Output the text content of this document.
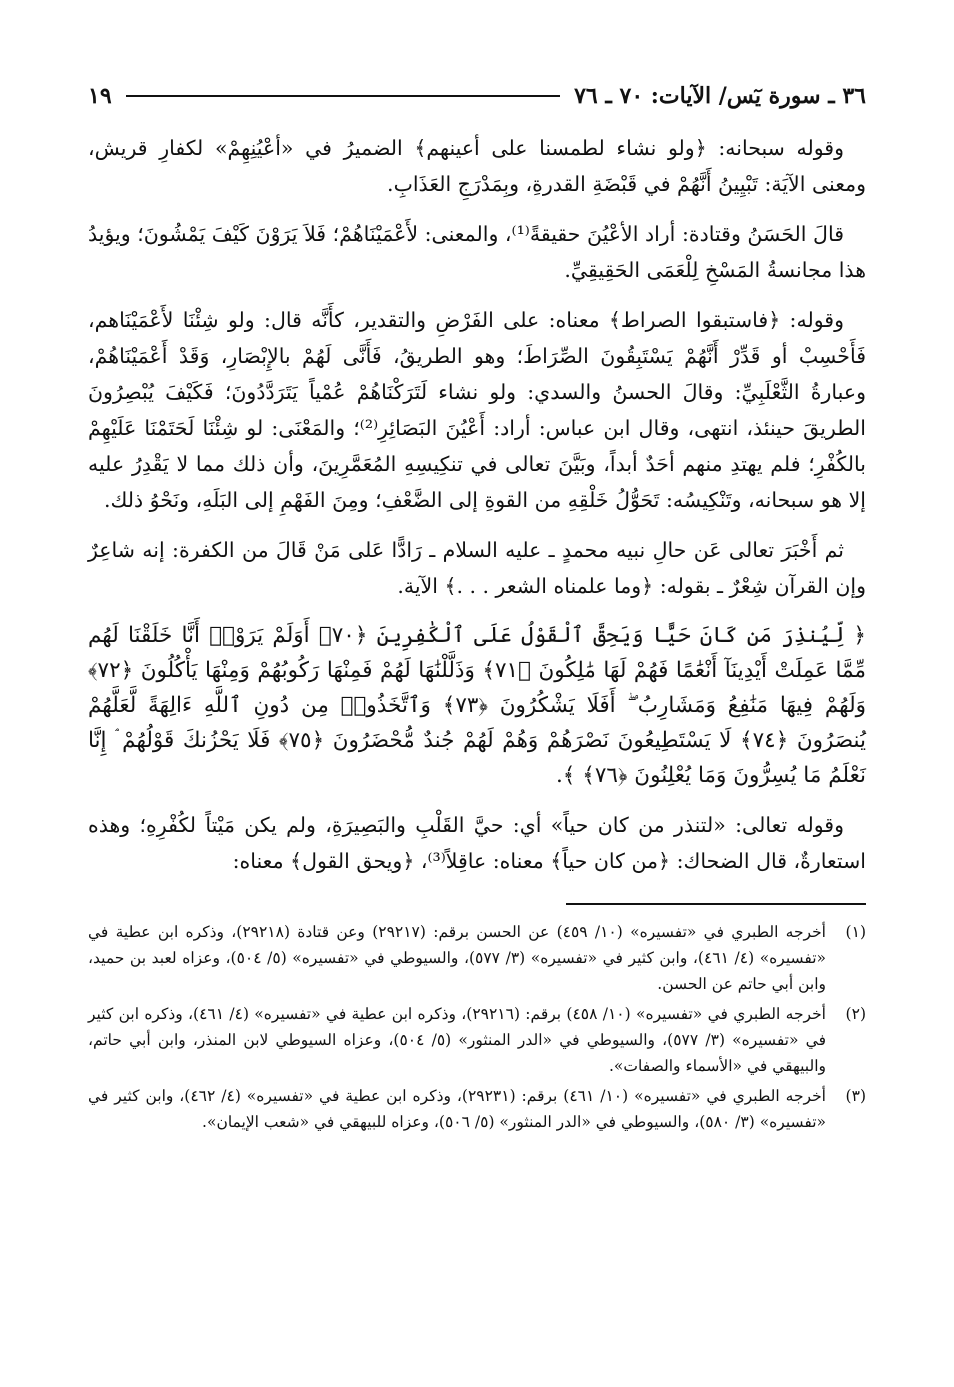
٣٦ ـ سورة يٓس/ الآيات: ٧٠ ـ ٧٦
١٩

وقوله سبحانه: ﴿ولو نشاء لطمسنا على أعينهم﴾ الضميرُ في «أعْيُنِهِمْ» لكفارِ قريش، ومعنى الآيَة: تَبْيِينُ أَنَّهُمْ في قَبْضَةِ القدرةِ، وبِمَدْرَجِ العَذَابِ.

قالَ الحَسَنُ وقتادة: أراد الأعْيُنَ حقيقةً⁽¹⁾، والمعنى: لأَعْمَيْنَاهُمْ؛ فَلاَ يَرَوْنَ كَيْفَ يَمْشُونَ؛ ويؤيدُ هذا مجانسةُ المَسْخِ لِلْعَمَى الحَقِيقِيِّ.

وقوله: ﴿فاستبقوا الصراط﴾ معناه: على الفَرْضِ والتقدير، كأَنَّه قال: ولو شِئْنَا لأَعْمَيْنَاهم، فَأَحْسِبْ أو قَدِّرْ أَنَّهُمْ يَسْتَبِقُونَ الصِّرَاطَ؛ وهو الطريقُ، فَأَنَّى لَهُمْ بالإِبْصَارِ، وَقَدْ أَعْمَيْنَاهُمْ، وعبارةُ الثَّعْلَبِيِّ: وقالَ الحسنُ والسدي: ولو نشاء لَتَرَكْنَاهُمْ عُمْياً يَتَرَدَّدُونَ؛ فَكَيْفَ يُبْصِرُونَ الطريقَ حينئذ، انتهى، وقال ابن عباس: أراد: أَعْيُنَ البَصَائِرِ⁽²⁾؛ والمَعْنَى: لو شِئْنَا لَحَتَمْنَا عَلَيْهِمْ بالكُفْرِ؛ فلم يهتدِ منهم أحَدٌ أبداً، وبَيَّنَ تعالى في تنكِيسِهِ المُعَمَّرِينَ، وأن ذلك مما لا يَقْدِرُ عليه إلا هو سبحانه، وتَنْكِيسُه: تَحَوُّلُ خَلْقِهِ من القوةِ إلى الضَّعْفِ؛ ومِنَ الفَهْمِ إلى البَلَهِ، ونَحْوُ ذلك.

ثم أَخْبَرَ تعالى عَن حالِ نبيه محمدٍ ـ عليه السلام ـ رَادًّا عَلى مَنْ قَالَ من الكفرة: إنه شاعِرٌ وإن القرآن شِعْرٌ ـ بقوله: ﴿وما علمناه الشعر . . .﴾ الآية.

﴿ لِّيُنذِرَ مَن كَانَ حَيًّا وَيَحِقَّ ٱلْقَوْلُ عَلَى ٱلْكَٰفِرِينَ ﴿٧٠﴾ أَوَلَمْ يَرَوْا۟ أَنَّا خَلَقْنَا لَهُم مِّمَّا عَمِلَتْ أَيْدِينَآ أَنْعَٰمًا فَهُمْ لَهَا مَٰلِكُونَ ﴿٧١﴾ وَذَلَّلْنَٰهَا لَهُمْ فَمِنْهَا رَكُوبُهُمْ وَمِنْهَا يَأْكُلُونَ ﴿٧٢﴾ وَلَهُمْ فِيهَا مَنَٰفِعُ وَمَشَارِبُ ۖ أَفَلَا يَشْكُرُونَ ﴿٧٣﴾ وَٱتَّخَذُوا۟ مِن دُونِ ٱللَّهِ ءَالِهَةً لَّعَلَّهُمْ يُنصَرُونَ ﴿٧٤﴾ لَا يَسْتَطِيعُونَ نَصْرَهُمْ وَهُمْ لَهُمْ جُندٌ مُّحْضَرُونَ ﴿٧٥﴾ فَلَا يَحْزُنكَ قَوْلُهُمْ ۘ إِنَّا نَعْلَمُ مَا يُسِرُّونَ وَمَا يُعْلِنُونَ ﴿٧٦﴾ ﴾.

وقوله تعالى: «لتنذر من كان حياً» أي: حيَّ القَلْبِ والبَصِيرَةِ، ولم يكن مَيْتاً لكُفْرِهِ؛ وهذه استعارةٌ، قال الضحاك: ﴿من كان حياً﴾ معناه: عاقِلاً⁽³⁾، ﴿ويحق القول﴾ معناه:

(١)
أخرجه الطبري في «تفسيره» (١٠/ ٤٥٩) عن الحسن برقم: (٢٩٢١٧) وعن قتادة (٢٩٢١٨)، وذكره ابن عطية في «تفسيره» (٤/ ٤٦١)، وابن كثير في «تفسيره» (٣/ ٥٧٧)، والسيوطي في «تفسيره» (٥/ ٥٠٤)، وعزاه لعبد بن حميد، وابن أبي حاتم عن الحسن.
(٢)
أخرجه الطبري في «تفسيره» (١٠/ ٤٥٨) برقم: (٢٩٢١٦)، وذكره ابن عطية في «تفسيره» (٤/ ٤٦١)، وذكره ابن كثير في «تفسيره» (٣/ ٥٧٧)، والسيوطي في «الدر المنثور» (٥/ ٥٠٤)، وعزاه السيوطي لابن المنذر، وابن أبي حاتم، والبيهقي في «الأسماء والصفات».
(٣)
أخرجه الطبري في «تفسيره» (١٠/ ٤٦١) برقم: (٢٩٢٣١)، وذكره ابن عطية في «تفسيره» (٤/ ٤٦٢)، وابن كثير في «تفسيره» (٣/ ٥٨٠)، والسيوطي في «الدر المنثور» (٥/ ٥٠٦)، وعزاه للبيهقي في «شعب الإيمان».
